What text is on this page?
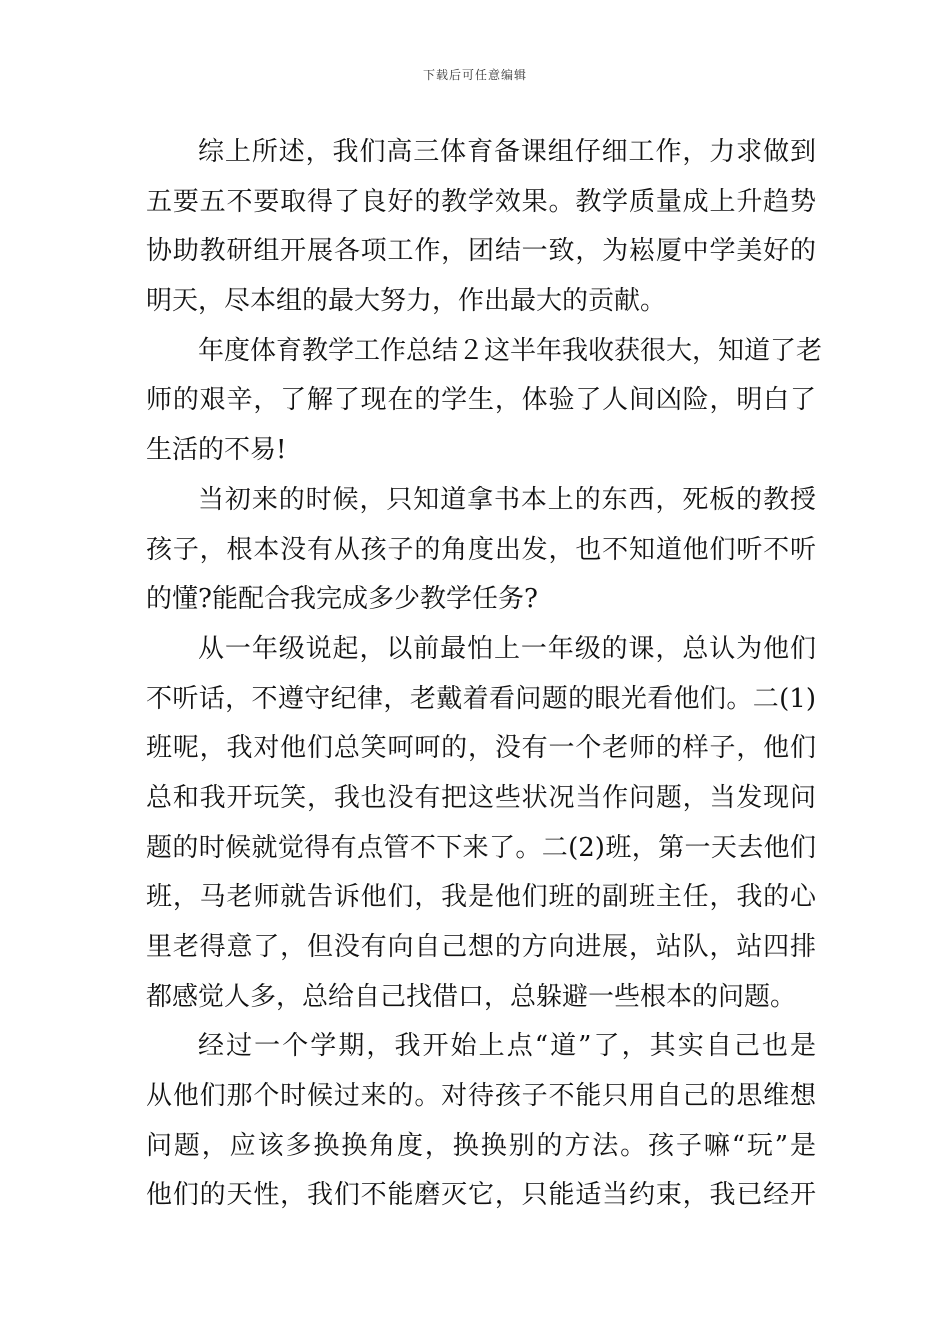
下载后可任意编辑
综上所述，我们高三体育备课组仔细工作，力求做到
五要五不要取得了良好的教学效果。教学质量成上升趋势
协助教研组开展各项工作，团结一致，为崧厦中学美好的
明天，尽本组的最大努力，作出最大的贡献。
年度体育教学工作总结２这半年我收获很大，知道了老
师的艰辛，了解了现在的学生，体验了人间凶险，明白了
生活的不易!
当初来的时候，只知道拿书本上的东西，死板的教授
孩子，根本没有从孩子的角度出发，也不知道他们听不听
的懂?能配合我完成多少教学任务?
从一年级说起，以前最怕上一年级的课，总认为他们
不听话，不遵守纪律，老戴着看问题的眼光看他们。二(1)
班呢，我对他们总笑呵呵的，没有一个老师的样子，他们
总和我开玩笑，我也没有把这些状况当作问题，当发现问
题的时候就觉得有点管不下来了。二(2)班，第一天去他们
班，马老师就告诉他们，我是他们班的副班主任，我的心
里老得意了，但没有向自己想的方向进展，站队，站四排
都感觉人多，总给自己找借口，总躲避一些根本的问题。
经过一个学期，我开始上点“道”了，其实自己也是
从他们那个时候过来的。对待孩子不能只用自己的思维想
问题，应该多换换角度，换换别的方法。孩子嘛“玩”是
他们的天性，我们不能磨灭它，只能适当约束，我已经开
